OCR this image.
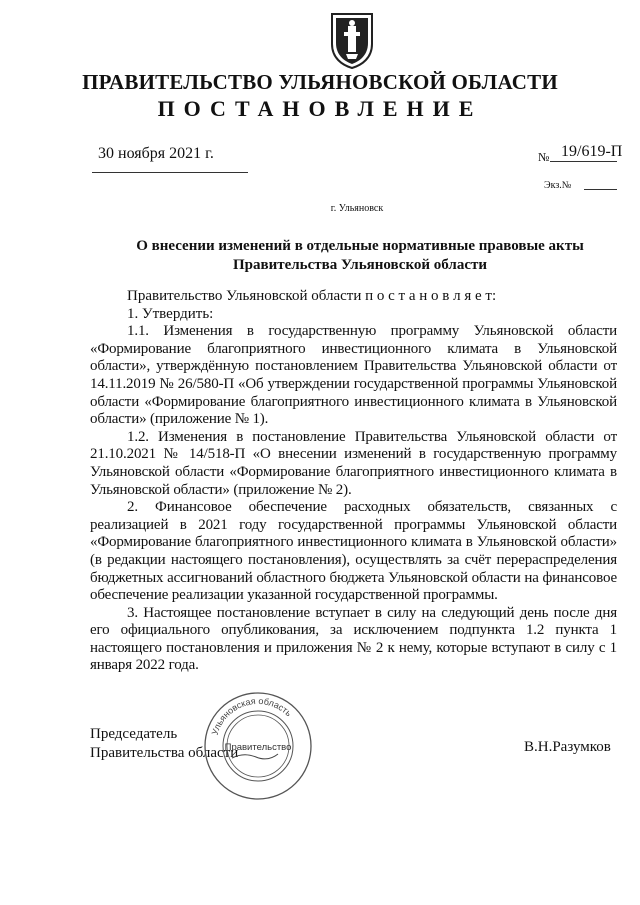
ПРАВИТЕЛЬСТВО УЛЬЯНОВСКОЙ ОБЛАСТИ
ПОСТАНОВЛЕНИЕ
30 ноября 2021 г.	№ 19/619-П
Экз.№
г. Ульяновск
О внесении изменений в отдельные нормативные правовые акты
Правительства Ульяновской области

Правительство Ульяновской области п о с т а н о в л я е т:

1. Утвердить:

1.1. Изменения в государственную программу Ульяновской области «Формирование благоприятного инвестиционного климата в Ульяновской области», утверждённую постановлением Правительства Ульяновской области от 14.11.2019 № 26/580-П «Об утверждении государственной программы Ульяновской области «Формирование благоприятного инвестиционного климата в Ульяновской области» (приложение № 1).

1.2. Изменения в постановление Правительства Ульяновской области от 21.10.2021 № 14/518-П «О внесении изменений в государственную программу Ульяновской области «Формирование благоприятного инвестиционного климата в Ульяновской области» (приложение № 2).

2. Финансовое обеспечение расходных обязательств, связанных с реализацией в 2021 году государственной программы Ульяновской области «Формирование благоприятного инвестиционного климата в Ульяновской области» (в редакции настоящего постановления), осуществлять за счёт перераспределения бюджетных ассигнований областного бюджета Ульяновской области на финансовое обеспечение реализации указанной государственной программы.

3. Настоящее постановление вступает в силу на следующий день после дня его официального опубликования, за исключением подпункта 1.2 пункта 1 настоящего постановления и приложения № 2 к нему, которые вступают в силу с 1 января 2022 года.

Председатель
Правительства области	В.Н.Разумков
Ульяновская область
Правительство
